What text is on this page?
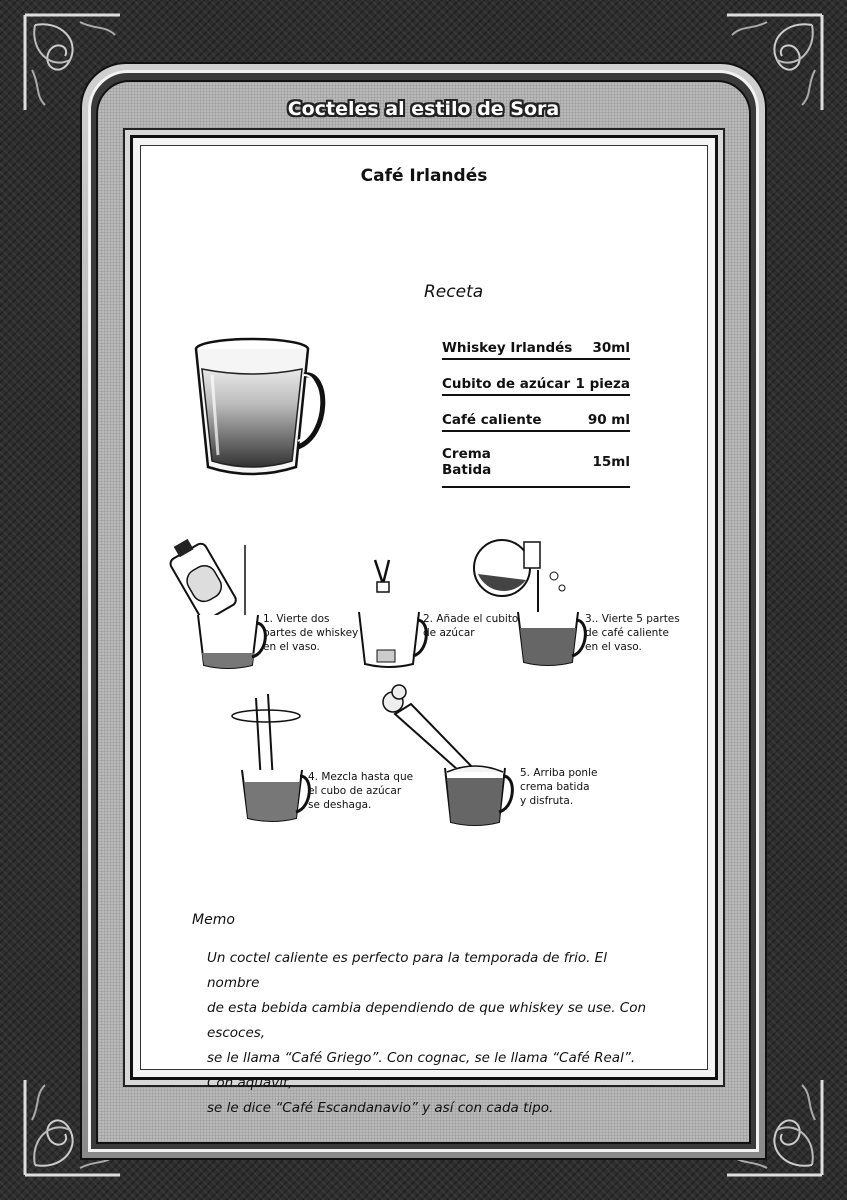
Cocteles al estilo de Sora
Café Irlandés
Receta
Whiskey Irlandés 30ml
Cubito de azúcar 1 pieza
Café caliente	90 ml
Crema
Batida	15ml
1. Vierte dos
partes de whiskey
en el vaso.
2. Añade el cubito
de azúcar
3.. Vierte 5 partes
de café caliente
en el vaso.
4. Mezcla hasta que
el cubo de azúcar
se deshaga.
5. Arriba ponle
crema batida
y disfruta.
Memo
Un coctel caliente es perfecto para la temporada de frio. El nombre
de esta bebida cambia dependiendo de que whiskey se use. Con escoces,
se le llama “Café Griego”. Con cognac, se le llama “Café Real”. Con aquavit,
se le dice “Café Escandanavio” y así con cada tipo.
